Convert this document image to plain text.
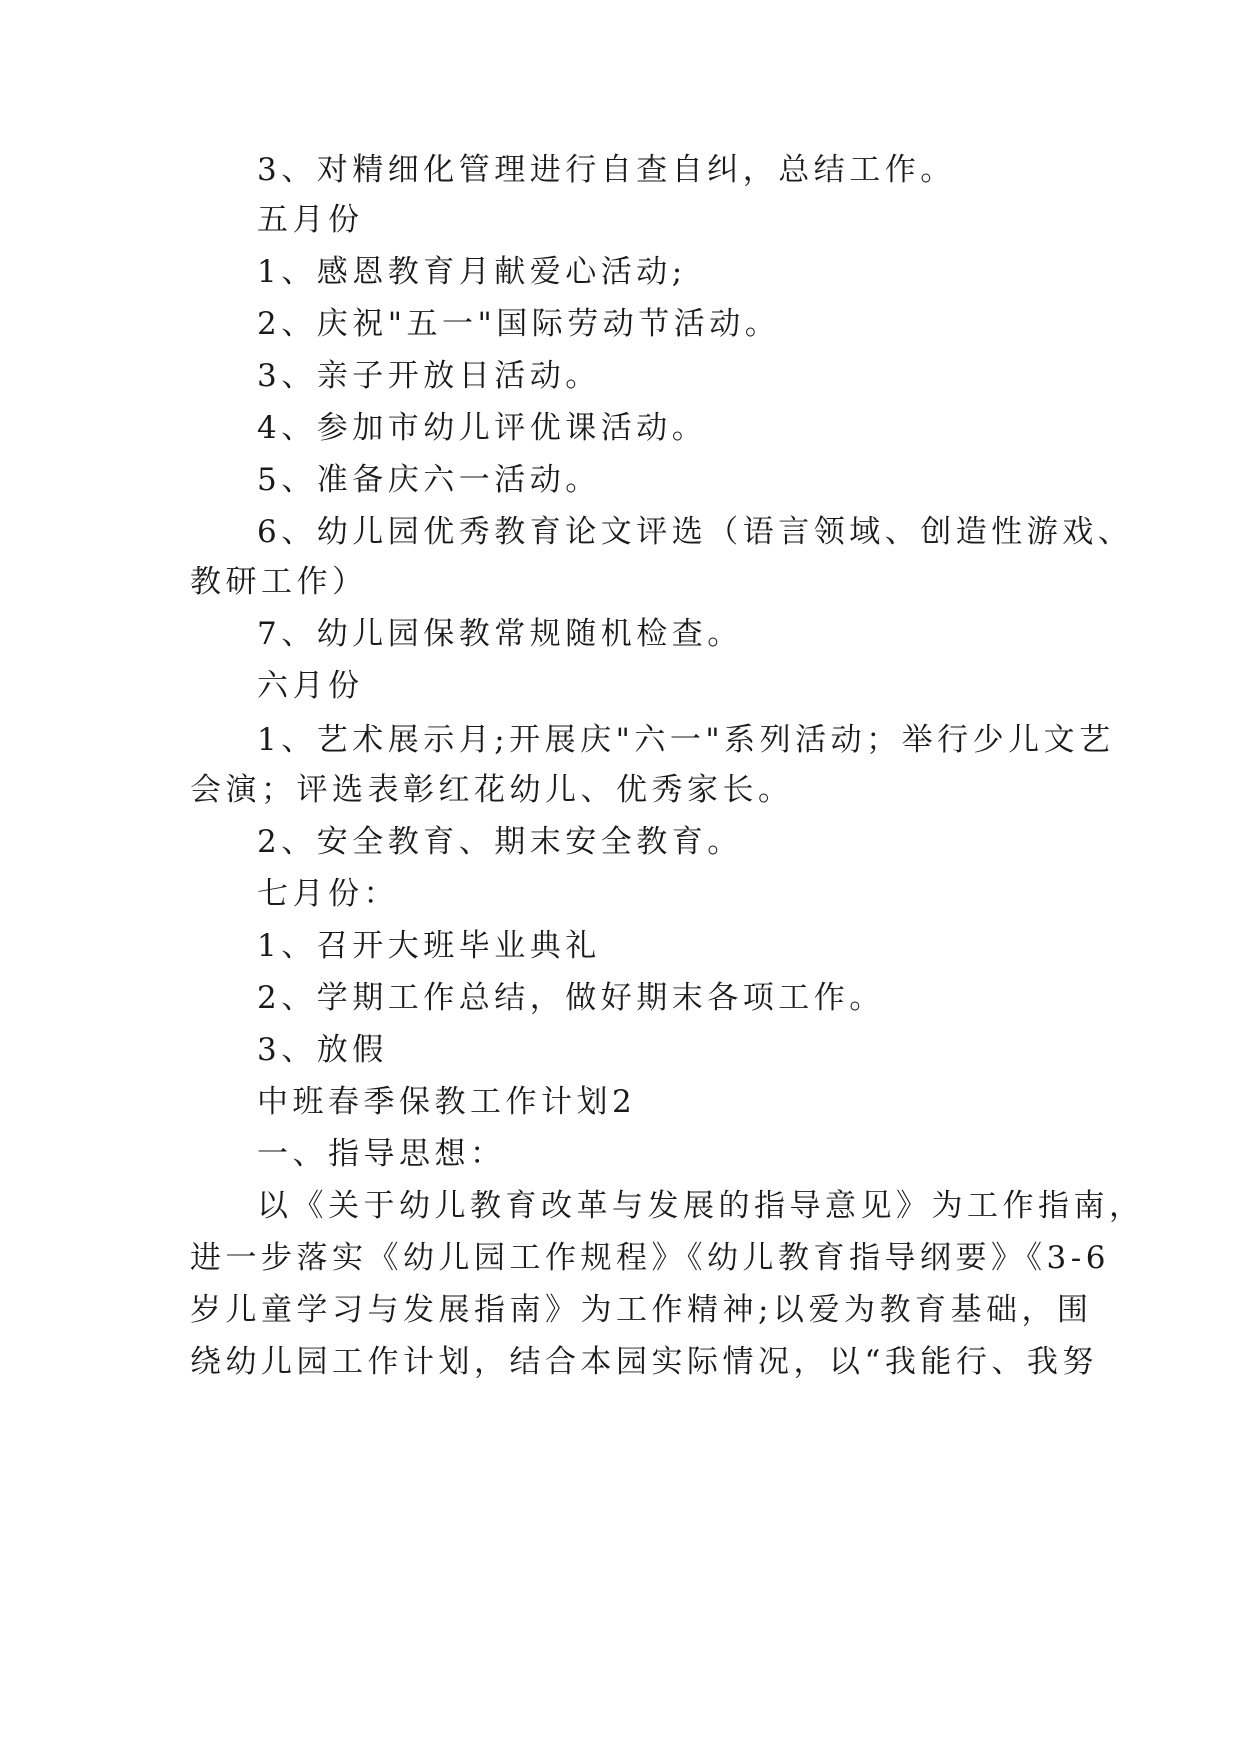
3、对精细化管理进行自查自纠，总结工作。
五月份
1、感恩教育月献爱心活动;
2、庆祝"五一"国际劳动节活动。
3、亲子开放日活动。
4、参加市幼儿评优课活动。
5、准备庆六一活动。
6、幼儿园优秀教育论文评选（语言领域、创造性游戏、
教研工作）
7、幼儿园保教常规随机检查。
六月份
1、艺术展示月;开展庆"六一"系列活动；举行少儿文艺
会演；评选表彰红花幼儿、优秀家长。
2、安全教育、期末安全教育。
七月份：
1、召开大班毕业典礼
2、学期工作总结，做好期末各项工作。
3、放假
中班春季保教工作计划2
一、指导思想：
以《关于幼儿教育改革与发展的指导意见》为工作指南，
进一步落实《幼儿园工作规程》《幼儿教育指导纲要》《3-6
岁儿童学习与发展指南》为工作精神;以爱为教育基础，围
绕幼儿园工作计划，结合本园实际情况，以“我能行、我努
